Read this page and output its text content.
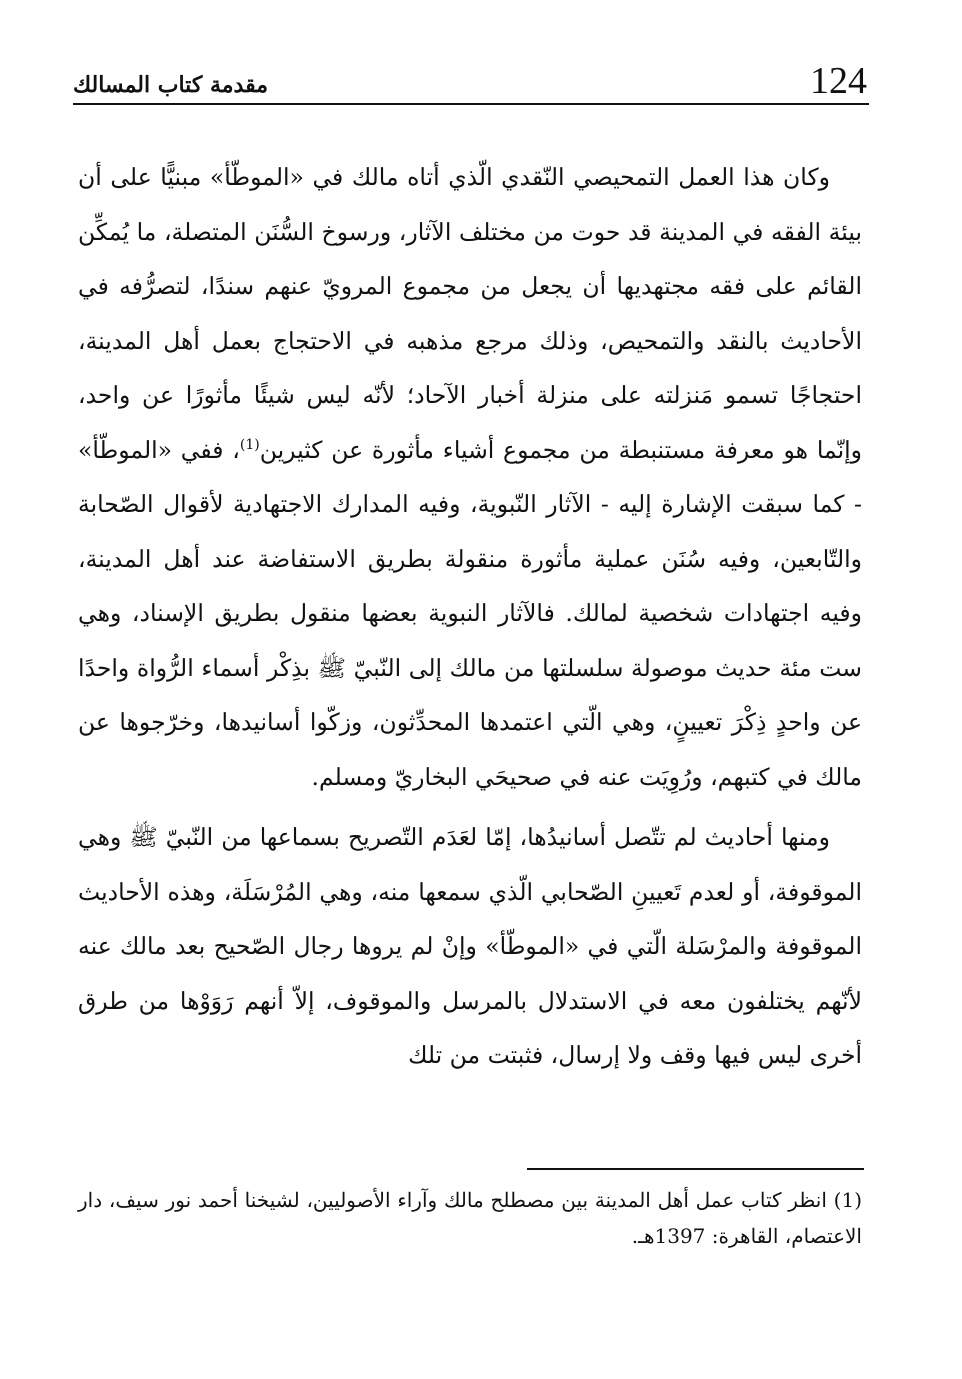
124
مقدمة كتاب المسالك

وكان هذا العمل التمحيصي النّقدي الّذي أتاه مالك في «الموطّأ» مبنيًّا على أن بيئة الفقه في المدينة قد حوت من مختلف الآثار، ورسوخ السُّنَن المتصلة، ما يُمكِّن القائم على فقه مجتهديها أن يجعل من مجموع المرويّ عنهم سندًا، لتصرُّفه في الأحاديث بالنقد والتمحيص، وذلك مرجع مذهبه في الاحتجاج بعمل أهل المدينة، احتجاجًا تسمو مَنزلته على منزلة أخبار الآحاد؛ لأنّه ليس شيئًا مأثورًا عن واحد، وإنّما هو معرفة مستنبطة من مجموع أشياء مأثورة عن كثيرين$^{(1)}$، ففي «الموطّأ» - كما سبقت الإشارة إليه - الآثار النّبوية، وفيه المدارك الاجتهادية لأقوال الصّحابة والتّابعين، وفيه سُنَن عملية مأثورة منقولة بطريق الاستفاضة عند أهل المدينة، وفيه اجتهادات شخصية لمالك. فالآثار النبوية بعضها منقول بطريق الإسناد، وهي ست مئة حديث موصولة سلسلتها من مالك إلى النّبيّ ﷺ بذِكْر أسماء الرُّواة واحدًا عن واحدٍ ذِكْرَ تعيينٍ، وهي الّتي اعتمدها المحدِّثون، وزكّوا أسانيدها، وخرّجوها عن مالك في كتبهم، ورُوِيَت عنه في صحيحَي البخاريّ ومسلم.

ومنها أحاديث لم تتّصل أسانيدُها، إمّا لعَدَم التّصريح بسماعها من النّبيّ ﷺ وهي الموقوفة، أو لعدم تَعيينِ الصّحابي الّذي سمعها منه، وهي المُرْسَلَة، وهذه الأحاديث الموقوفة والمرْسَلة الّتي في «الموطّأ» وإنْ لم يروها رجال الصّحيح بعد مالك عنه لأنّهم يختلفون معه في الاستدلال بالمرسل والموقوف، إلاّ أنهم رَوَوْها من طرق أخرى ليس فيها وقف ولا إرسال، فثبتت من تلك

(1) انظر كتاب عمل أهل المدينة بين مصطلح مالك وآراء الأصوليين، لشيخنا أحمد نور سيف، دار الاعتصام، القاهرة: 1397هـ.
